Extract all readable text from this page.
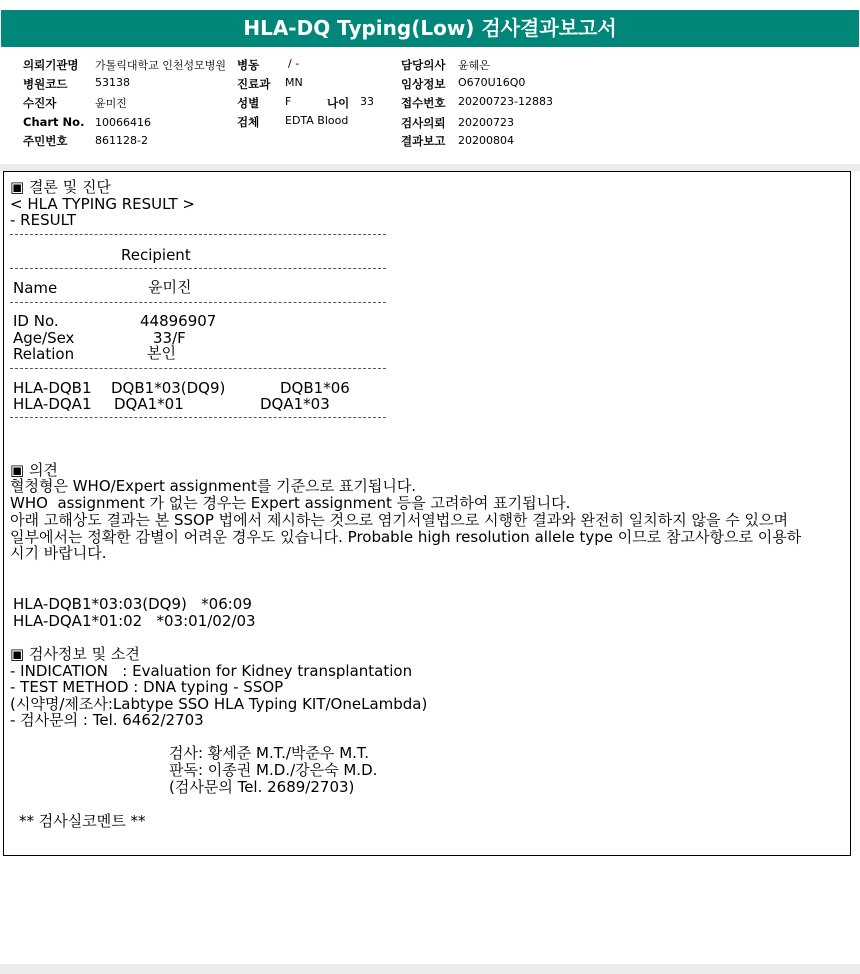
HLA-DQ Typing(Low) 검사결과보고서
의뢰기관명 가톨릭대학교 인천성모병원 병동	/ -	담당의사 윤혜은
병원코드	53138	진료과 MN	임상정보 O670U16Q0
수진자	윤미진	성별 F	나이 33 접수번호 20200723-12883
Chart No. 10066416	검체 EDTA Blood	검사의뢰 20200723
주민번호	861128-2	결과보고 20200804
▣ 결론 및 진단
< HLA TYPING RESULT >
- RESULT
Recipient
Name	윤미진
ID No.	44896907
Age/Sex	33/F
Relation	본인
HLA-DQB1 DQB1*03(DQ9)	DQB1*06
HLA-DQA1 DQA1*01	DQA1*03
▣ 의견
혈청형은 WHO/Expert assignment를 기준으로 표기됩니다.
WHO  assignment 가 없는 경우는 Expert assignment 등을 고려하여 표기됩니다.
아래 고해상도 결과는 본 SSOP 법에서 제시하는 것으로 염기서열법으로 시행한 결과와 완전히 일치하지 않을 수 있으며
일부에서는 정확한 감별이 어려운 경우도 있습니다. Probable high resolution allele type 이므로 참고사항으로 이용하
시기 바랍니다.
HLA-DQB1*03:03(DQ9)   *06:09
HLA-DQA1*01:02   *03:01/02/03
▣ 검사정보 및 소견
- INDICATION   : Evaluation for Kidney transplantation
- TEST METHOD : DNA typing - SSOP
(시약명/제조사:Labtype SSO HLA Typing KIT/OneLambda)
- 검사문의 : Tel. 6462/2703
검사: 황세준 M.T./박준우 M.T.
판독: 이종권 M.D./강은숙 M.D.
(검사문의 Tel. 2689/2703)
** 검사실코멘트 **
